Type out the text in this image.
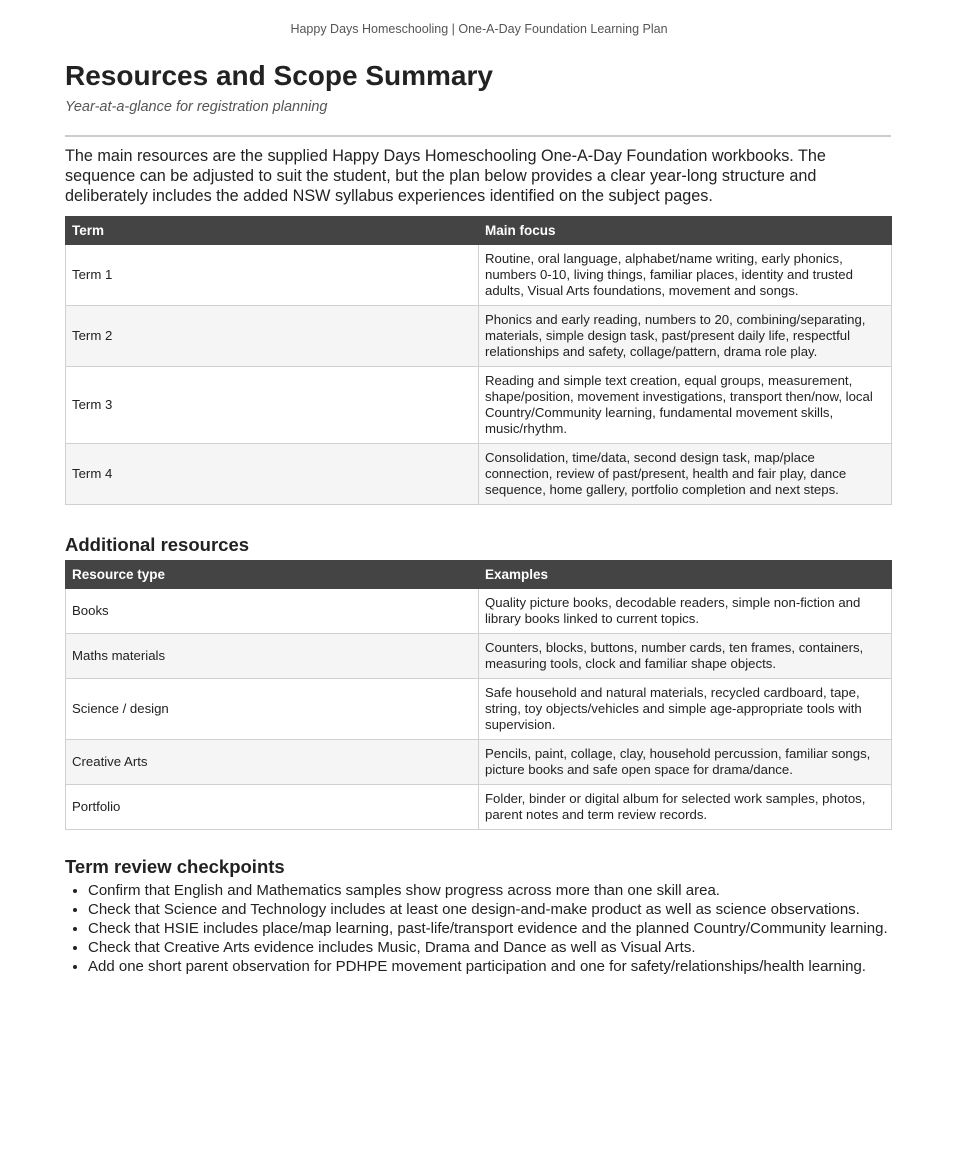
Happy Days Homeschooling | One-A-Day Foundation Learning Plan
Resources and Scope Summary

Year-at-a-glance for registration planning

The main resources are the supplied Happy Days Homeschooling One-A-Day Foundation workbooks. The sequence can be adjusted to suit the student, but the plan below provides a clear year-long structure and deliberately includes the added NSW syllabus experiences identified on the subject pages.

Term	Main focus
Term 1	Routine, oral language, alphabet/name writing, early phonics, numbers 0-10, living things, familiar places, identity and trusted adults, Visual Arts foundations, movement and songs.
Term 2	Phonics and early reading, numbers to 20, combining/separating, materials, simple design task, past/present daily life, respectful relationships and safety, collage/pattern, drama role play.
Term 3	Reading and simple text creation, equal groups, measurement, shape/position, movement investigations, transport then/now, local Country/Community learning, fundamental movement skills, music/rhythm.
Term 4	Consolidation, time/data, second design task, map/place connection, review of past/present, health and fair play, dance sequence, home gallery, portfolio completion and next steps.
Additional resources
Resource type	Examples
Books	Quality picture books, decodable readers, simple non-fiction and library books linked to current topics.
Maths materials	Counters, blocks, buttons, number cards, ten frames, containers, measuring tools, clock and familiar shape objects.
Science / design	Safe household and natural materials, recycled cardboard, tape, string, toy objects/vehicles and simple age-appropriate tools with supervision.
Creative Arts	Pencils, paint, collage, clay, household percussion, familiar songs, picture books and safe open space for drama/dance.
Portfolio	Folder, binder or digital album for selected work samples, photos, parent notes and term review records.
Term review checkpoints
• Confirm that English and Mathematics samples show progress across more than one skill area.
• Check that Science and Technology includes at least one design-and-make product as well as science observations.
• Check that HSIE includes place/map learning, past-life/transport evidence and the planned Country/Community learning.
• Check that Creative Arts evidence includes Music, Drama and Dance as well as Visual Arts.
• Add one short parent observation for PDHPE movement participation and one for safety/relationships/health learning.
